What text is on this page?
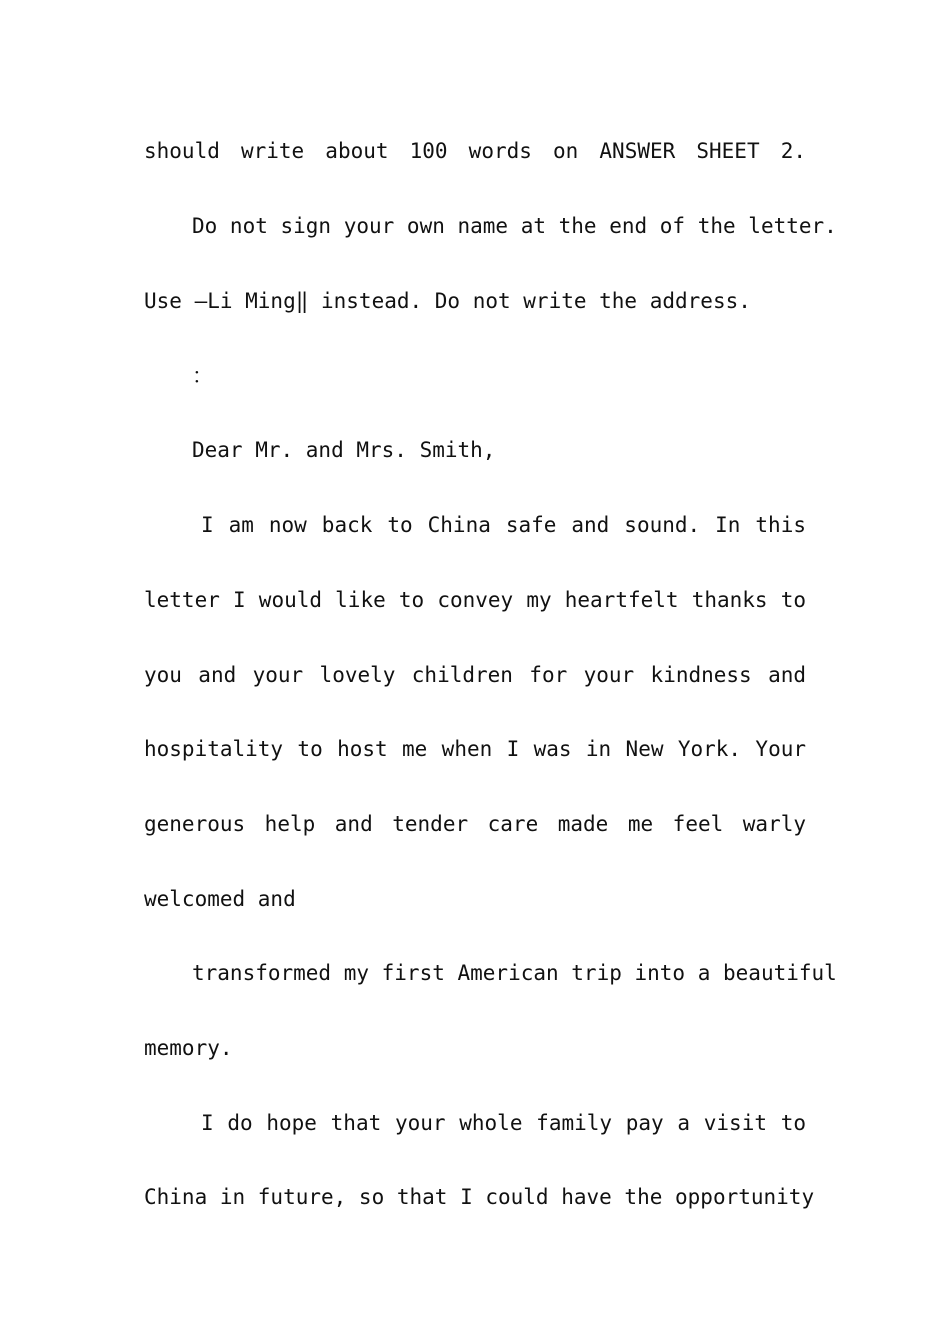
should write about 100 words on ANSWER SHEET 2.

Do not sign your own name at the end of the letter.

Use ―Li Ming‖ instead. Do not write the address.

：

Dear Mr. and Mrs. Smith,

I am now back to China safe and sound. In this

letter I would like to convey my heartfelt thanks to

you and your lovely children for your kindness and

hospitality to host me when I was in New York. Your

generous help and tender care made me feel warly

welcomed and

transformed my first American trip into a beautiful

memory.

I do hope that your whole family pay a visit to

China in future, so that I could have the opportunity
